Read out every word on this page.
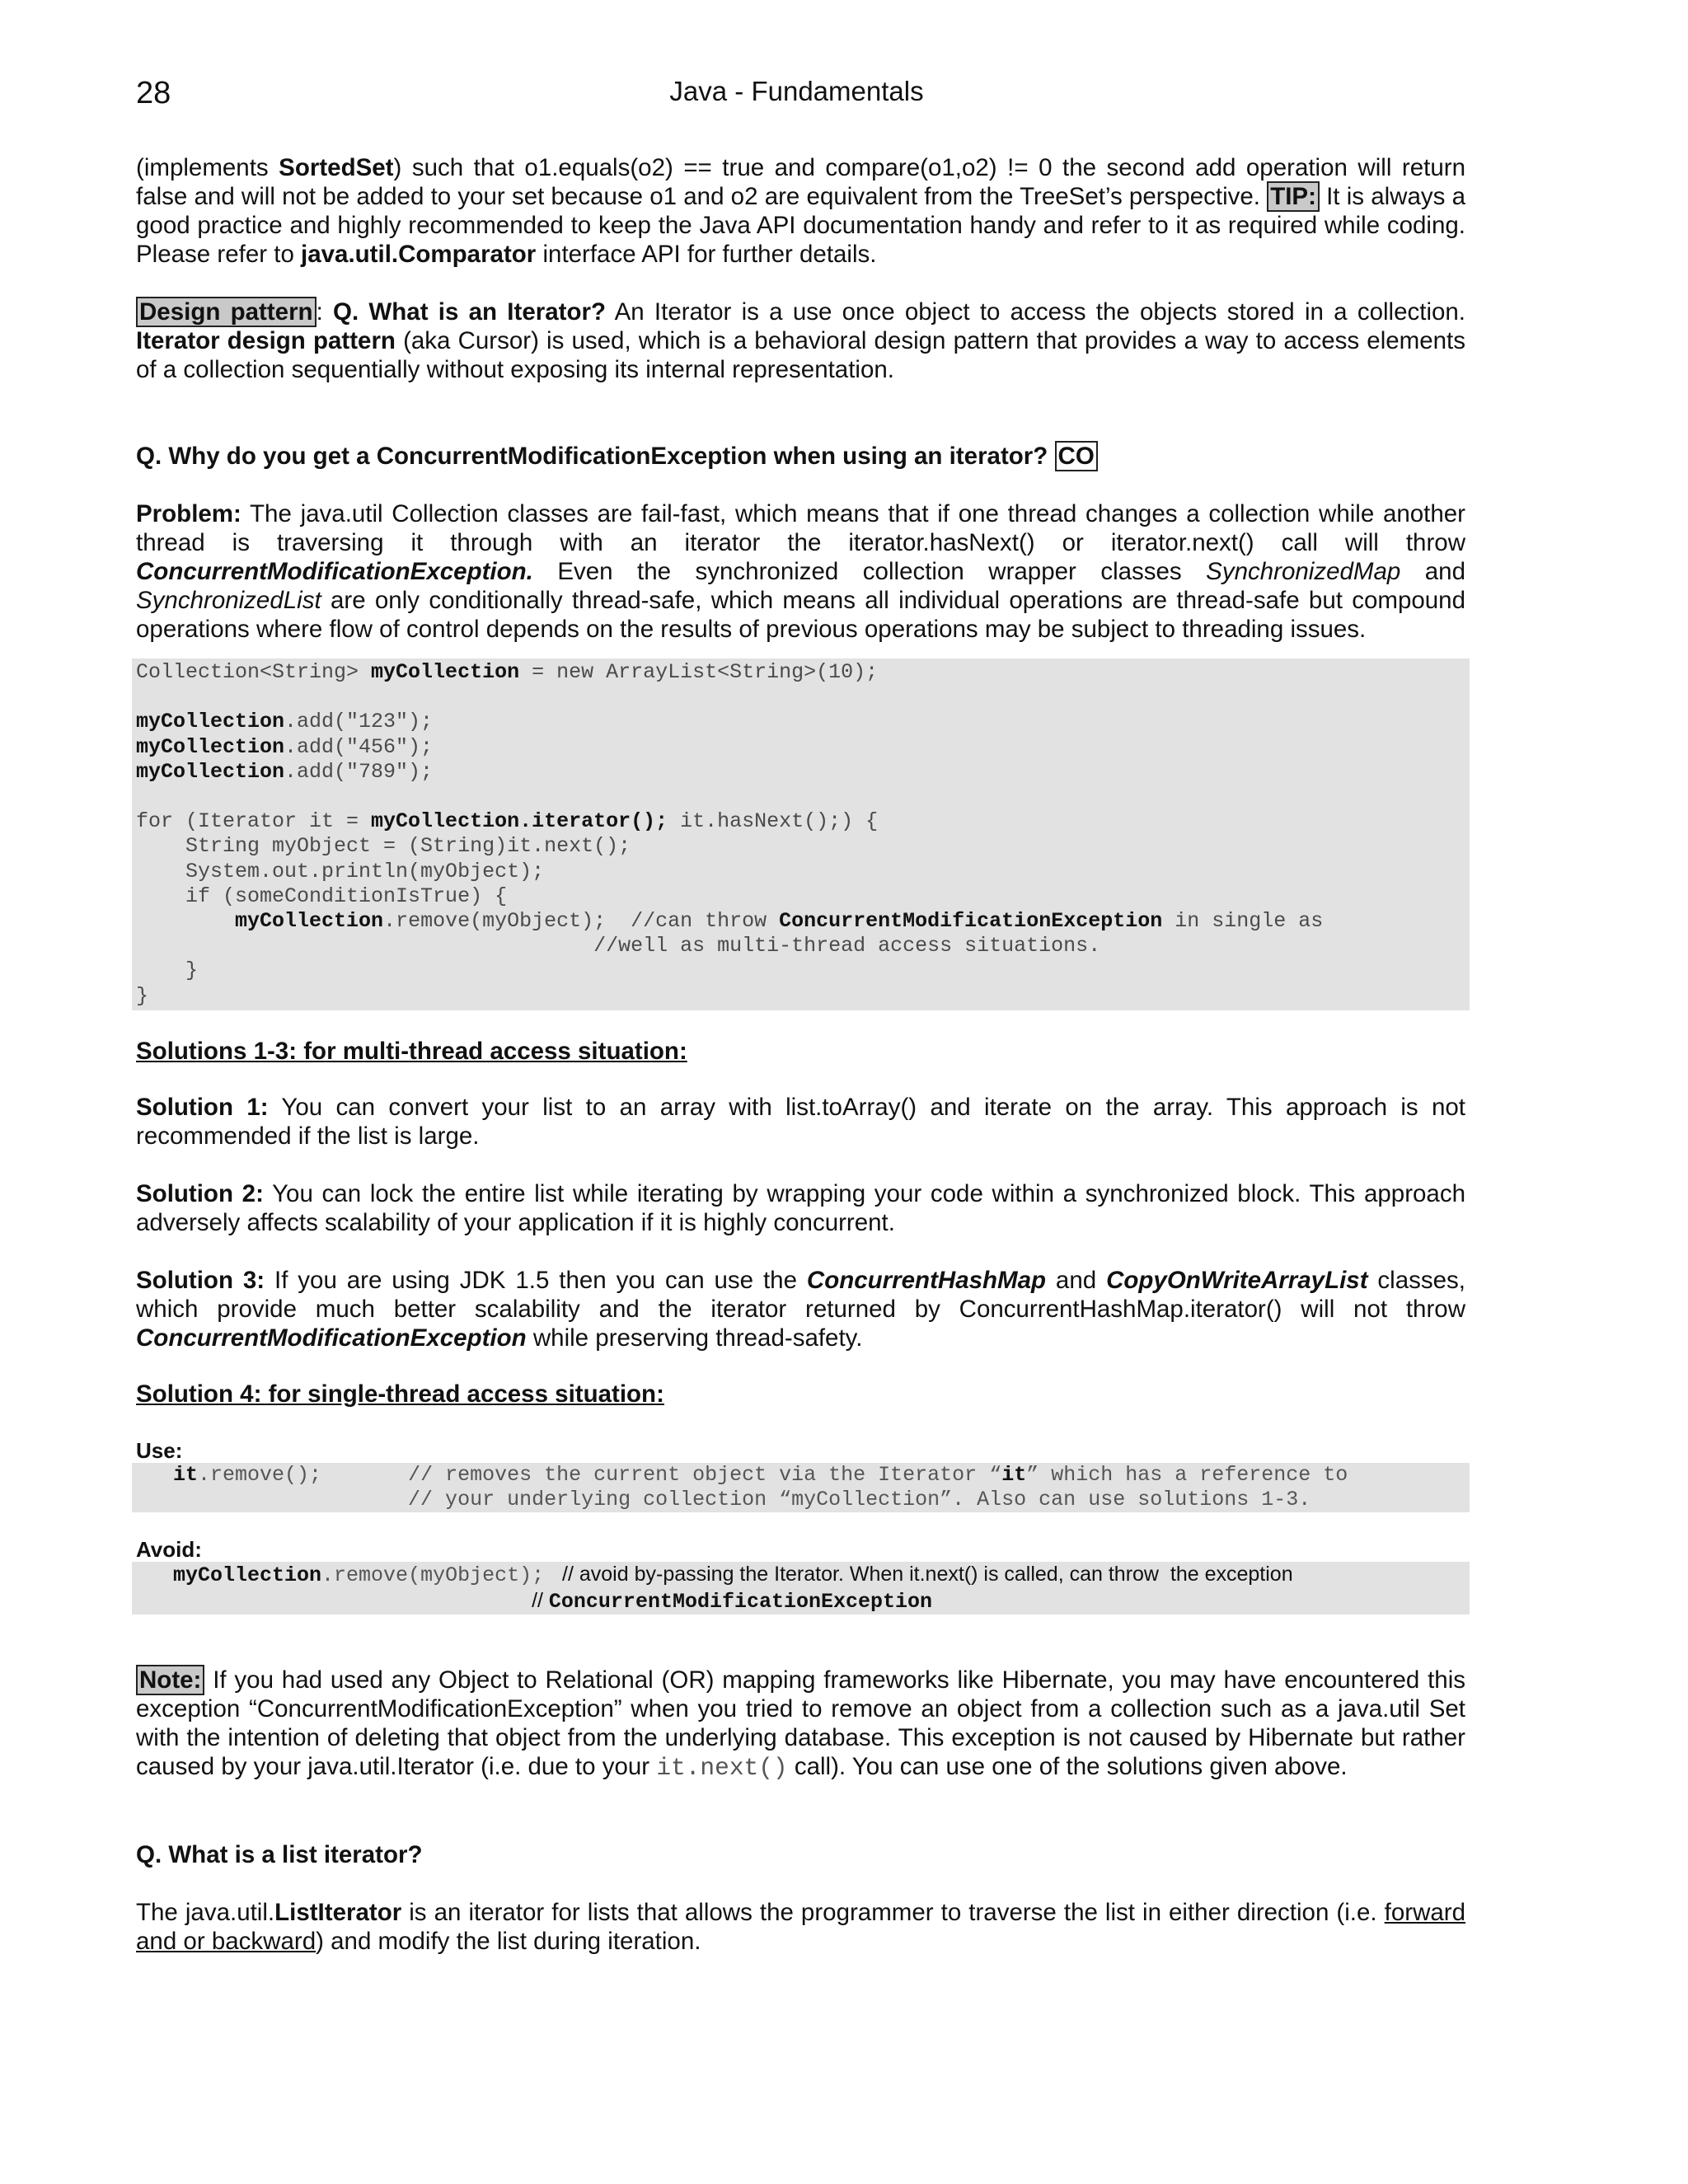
28	Java - Fundamentals

(implements SortedSet) such that o1.equals(o2) == true and compare(o1,o2) != 0 the second add operation will return false and will not be added to your set because o1 and o2 are equivalent from the TreeSet’s perspective. TIP: It is always a good practice and highly recommended to keep the Java API documentation handy and refer to it as required while coding. Please refer to java.util.Comparator interface API for further details.

Design pattern : Q. What is an Iterator? An Iterator is a use once object to access the objects stored in a collection. Iterator design pattern (aka Cursor) is used, which is a behavioral design pattern that provides a way to access elements of a collection sequentially without exposing its internal representation.

Q. Why do you get a ConcurrentModificationException when using an iterator? CO

Problem: The java.util Collection classes are fail-fast, which means that if one thread changes a collection while another thread is traversing it through with an iterator the iterator.hasNext() or iterator.next() call will throw ConcurrentModificationException. Even the synchronized collection wrapper classes SynchronizedMap and SynchronizedList are only conditionally thread-safe, which means all individual operations are thread-safe but compound operations where flow of control depends on the results of previous operations may be subject to threading issues.

Collection<String> myCollection = new ArrayList<String>(10);

myCollection.add("123");
myCollection.add("456");
myCollection.add("789");

for (Iterator it = myCollection.iterator(); it.hasNext();) {
String myObject = (String)it.next();
System.out.println(myObject);
if (someConditionIsTrue) {
myCollection.remove(myObject);  //can throw ConcurrentModificationException in single as
//well as multi-thread access situations.
}
}

Solutions 1-3: for multi-thread access situation:

Solution 1: You can convert your list to an array with list.toArray() and iterate on the array. This approach is not recommended if the list is large.

Solution 2: You can lock the entire list while iterating by wrapping your code within a synchronized block. This approach adversely affects scalability of your application if it is highly concurrent.

Solution 3: If you are using JDK 1.5 then you can use the ConcurrentHashMap and CopyOnWriteArrayList classes, which provide much better scalability and the iterator returned by ConcurrentHashMap.iterator() will not throw ConcurrentModificationException while preserving thread-safety.

Solution 4: for single-thread access situation:

Use:
it.remove();       // removes the current object via the Iterator “it” which has a reference to
// your underlying collection “myCollection”. Also can use solutions 1-3.
Avoid:
myCollection.remove(myObject);  // avoid by-passing the Iterator. When it.next() is called, can throw  the exception
// ConcurrentModificationException

Note: If you had used any Object to Relational (OR) mapping frameworks like Hibernate, you may have encountered this exception “ConcurrentModificationException” when you tried to remove an object from a collection such as a java.util Set with the intention of deleting that object from the underlying database. This exception is not caused by Hibernate but rather caused by your java.util.Iterator (i.e. due to your it.next() call). You can use one of the solutions given above.

Q. What is a list iterator?

The java.util.ListIterator is an iterator for lists that allows the programmer to traverse the list in either direction (i.e. forward and or backward) and modify the list during iteration.
